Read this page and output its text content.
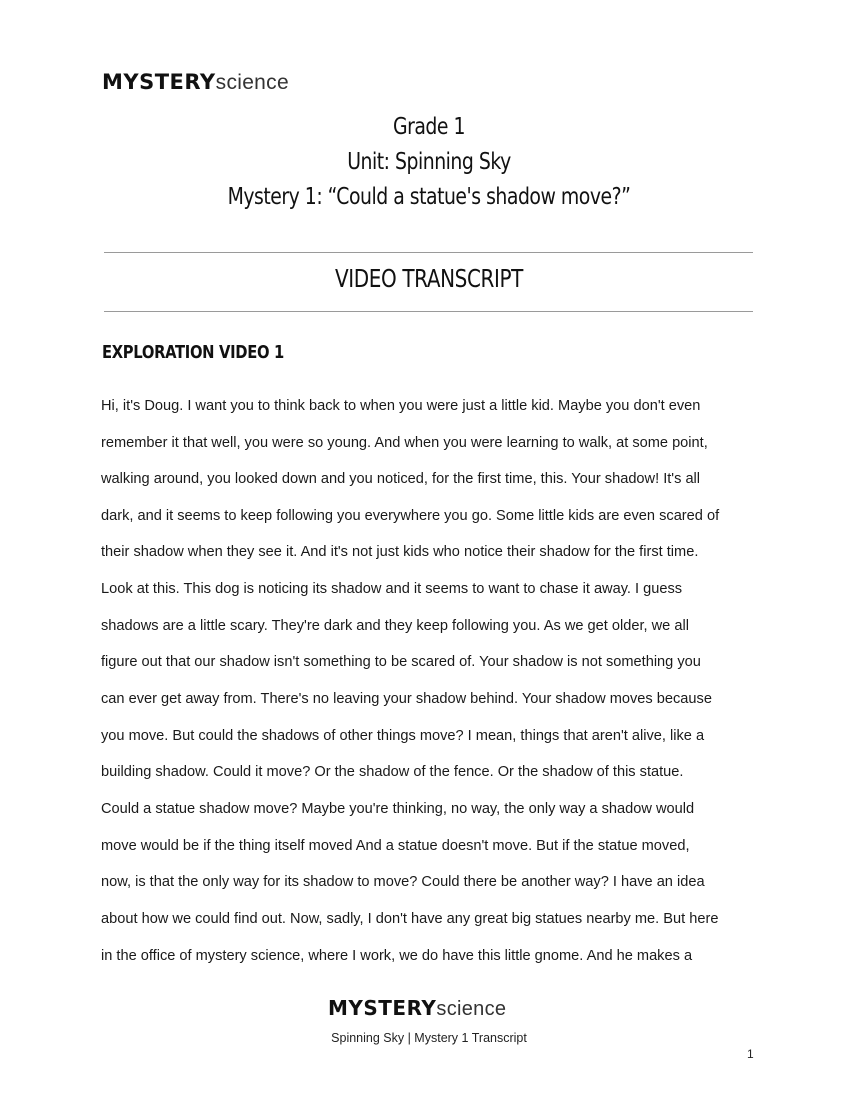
MYSTERYscience
Grade 1
Unit: Spinning Sky
Mystery 1: “Could a statue's shadow move?”
VIDEO TRANSCRIPT
EXPLORATION VIDEO 1
Hi, it's Doug. I want you to think back to when you were just a little kid. Maybe you don't even
remember it that well, you were so young. And when you were learning to walk, at some point,
walking around, you looked down and you noticed, for the first time, this. Your shadow! It's all
dark, and it seems to keep following you everywhere you go. Some little kids are even scared of
their shadow when they see it. And it's not just kids who notice their shadow for the first time.
Look at this. This dog is noticing its shadow and it seems to want to chase it away. I guess
shadows are a little scary. They're dark and they keep following you. As we get older, we all
figure out that our shadow isn't something to be scared of. Your shadow is not something you
can ever get away from. There's no leaving your shadow behind. Your shadow moves because
you move. But could the shadows of other things move? I mean, things that aren't alive, like a
building shadow. Could it move? Or the shadow of the fence. Or the shadow of this statue.
Could a statue shadow move? Maybe you're thinking, no way, the only way a shadow would
move would be if the thing itself moved And a statue doesn't move. But if the statue moved,
now, is that the only way for its shadow to move? Could there be another way? I have an idea
about how we could find out. Now, sadly, I don't have any great big statues nearby me. But here
in the office of mystery science, where I work, we do have this little gnome. And he makes a
MYSTERYscience
Spinning Sky | Mystery 1 Transcript
1
